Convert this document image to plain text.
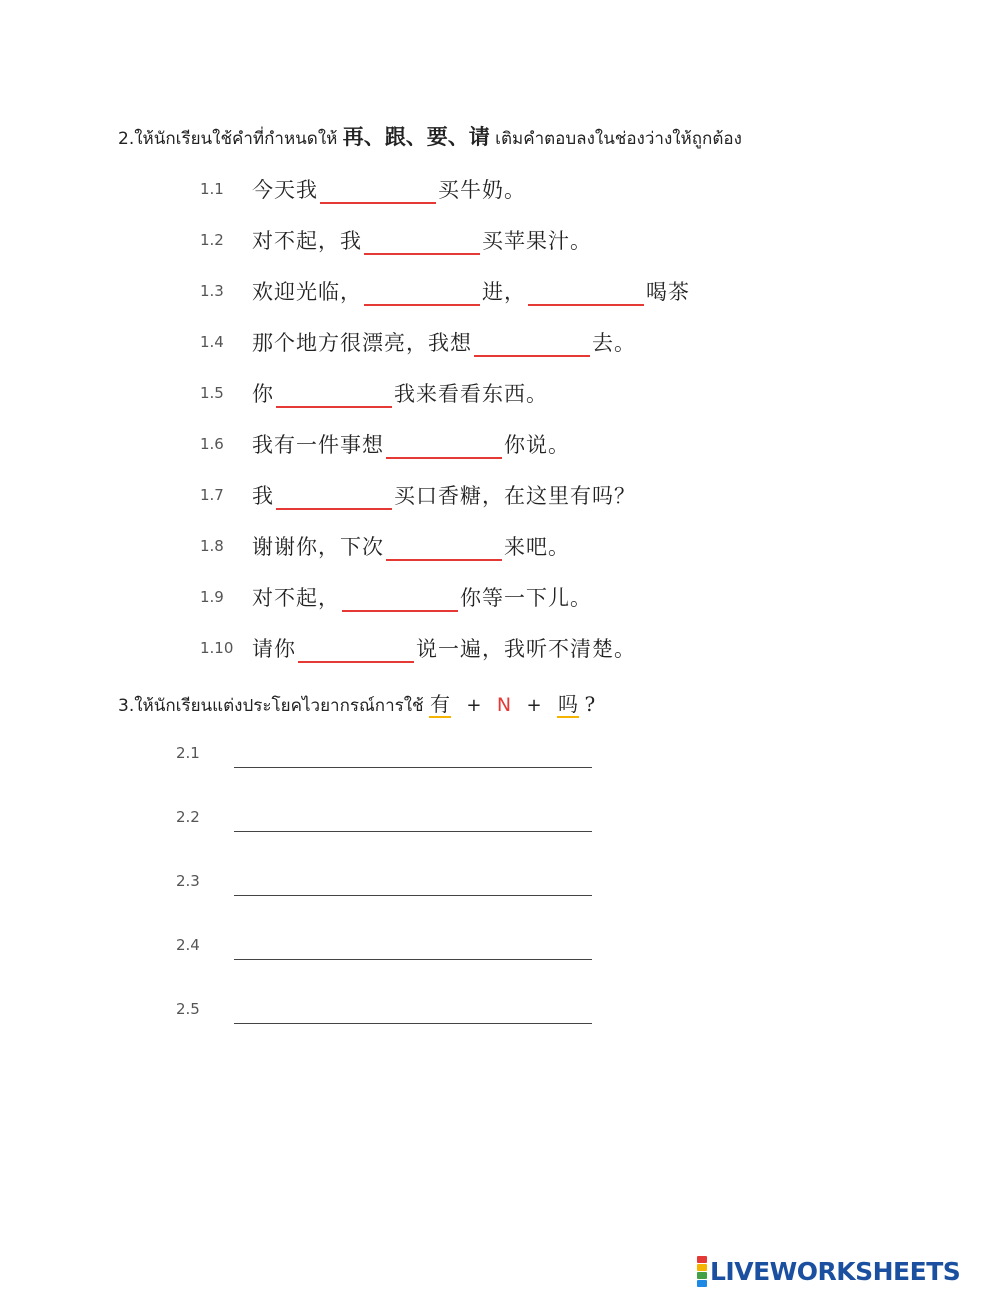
2.ให้นักเรียนใช้คำที่กำหนดให้ 再、跟、要、请 เติมคำตอบลงในช่องว่างให้ถูกต้อง
1.1	今天我	买牛奶。
1.2	对不起，我	买苹果汁。
1.3	欢迎光临，	进，	喝茶
1.4	那个地方很漂亮，我想	去。
1.5	你	我来看看东西。
1.6	我有一件事想	你说。
1.7	我	买口香糖，在这里有吗？
1.8	谢谢你，下次	来吧。
1.9	对不起，	你等一下儿。
1.10 请你	说一遍，我听不清楚。
3.ให้นักเรียนแต่งประโยคไวยากรณ์การใช้ 有 + N + 吗 ?
2.1
2.2
2.3
2.4
2.5
LIVEWORKSHEETS
